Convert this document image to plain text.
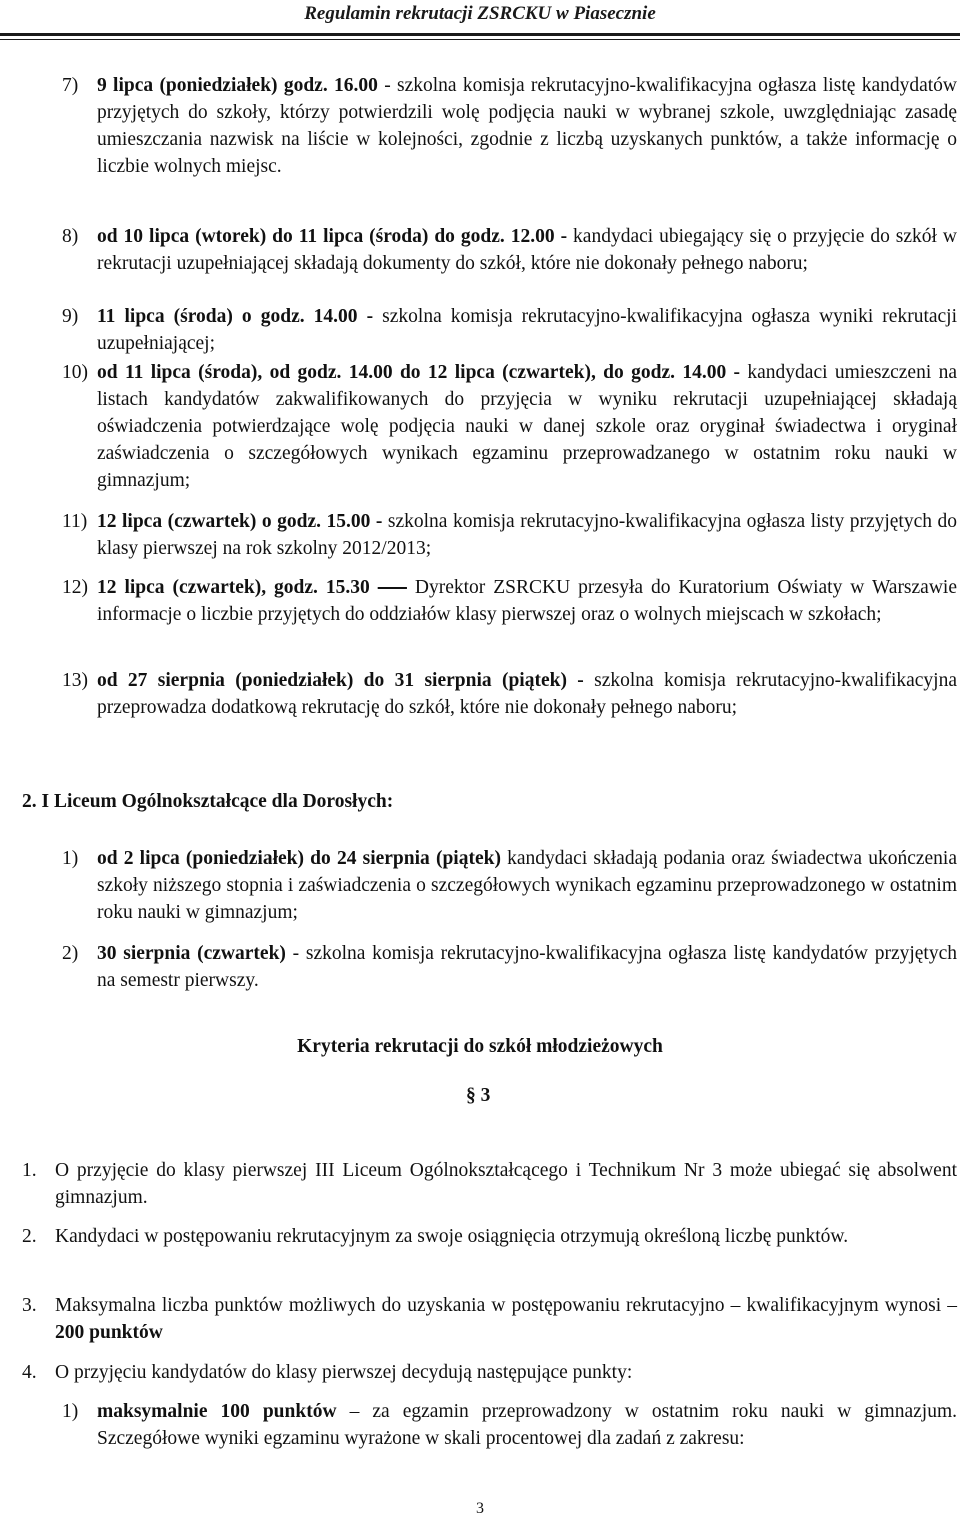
Regulamin rekrutacji ZSRCKU w Piasecznie
7) 9 lipca (poniedziałek) godz. 16.00 - szkolna komisja rekrutacyjno-kwalifikacyjna ogłasza listę kandydatów przyjętych do szkoły, którzy potwierdzili wolę podjęcia nauki w wybranej szkole, uwzględniając zasadę umieszczania nazwisk na liście w kolejności, zgodnie z liczbą uzyskanych punktów, a także informację o liczbie wolnych miejsc.
8) od 10 lipca (wtorek) do 11 lipca (środa) do godz. 12.00 - kandydaci ubiegający się o przyjęcie do szkół w rekrutacji uzupełniającej składają dokumenty do szkół, które nie dokonały pełnego naboru;
9) 11 lipca (środa) o godz. 14.00 - szkolna komisja rekrutacyjno-kwalifikacyjna ogłasza wyniki rekrutacji uzupełniającej;
10) od 11 lipca (środa), od godz. 14.00 do 12 lipca (czwartek), do godz. 14.00 - kandydaci umieszczeni na listach kandydatów zakwalifikowanych do przyjęcia w wyniku rekrutacji uzupełniającej składają oświadczenia potwierdzające wolę podjęcia nauki w danej szkole oraz oryginał świadectwa i oryginał zaświadczenia o szczegółowych wynikach egzaminu przeprowadzanego w ostatnim roku nauki w gimnazjum;
11) 12 lipca (czwartek) o godz. 15.00 - szkolna komisja rekrutacyjno-kwalifikacyjna ogłasza listy przyjętych do klasy pierwszej na rok szkolny 2012/2013;
12) 12 lipca (czwartek), godz. 15.30    Dyrektor ZSRCKU przesyła do Kuratorium Oświaty w Warszawie informacje o liczbie przyjętych do oddziałów klasy pierwszej oraz o wolnych miejscach w szkołach;
13) od 27 sierpnia (poniedziałek) do 31 sierpnia (piątek) - szkolna komisja rekrutacyjno-kwalifikacyjna przeprowadza dodatkową rekrutację do szkół, które nie dokonały pełnego naboru;
2. I Liceum Ogólnokształcące dla Dorosłych:
1) od 2 lipca (poniedziałek) do 24 sierpnia (piątek) kandydaci składają podania oraz świadectwa ukończenia szkoły niższego stopnia i zaświadczenia o szczegółowych wynikach egzaminu przeprowadzonego w ostatnim roku nauki w gimnazjum;
2) 30 sierpnia (czwartek) - szkolna komisja rekrutacyjno-kwalifikacyjna ogłasza listę kandydatów przyjętych na semestr pierwszy.
Kryteria rekrutacji do szkół młodzieżowych
§ 3
1. O przyjęcie do klasy pierwszej III Liceum Ogólnokształcącego i Technikum Nr 3 może ubiegać się absolwent gimnazjum.
2. Kandydaci w postępowaniu rekrutacyjnym za swoje osiągnięcia otrzymują określoną liczbę punktów.
3. Maksymalna liczba punktów możliwych do uzyskania w postępowaniu rekrutacyjno – kwalifikacyjnym wynosi – 200 punktów
4. O przyjęciu kandydatów do klasy pierwszej decydują następujące punkty:
1) maksymalnie 100 punktów – za egzamin przeprowadzony w ostatnim roku nauki w gimnazjum. Szczegółowe wyniki egzaminu wyrażone w skali procentowej dla zadań z zakresu:
3
